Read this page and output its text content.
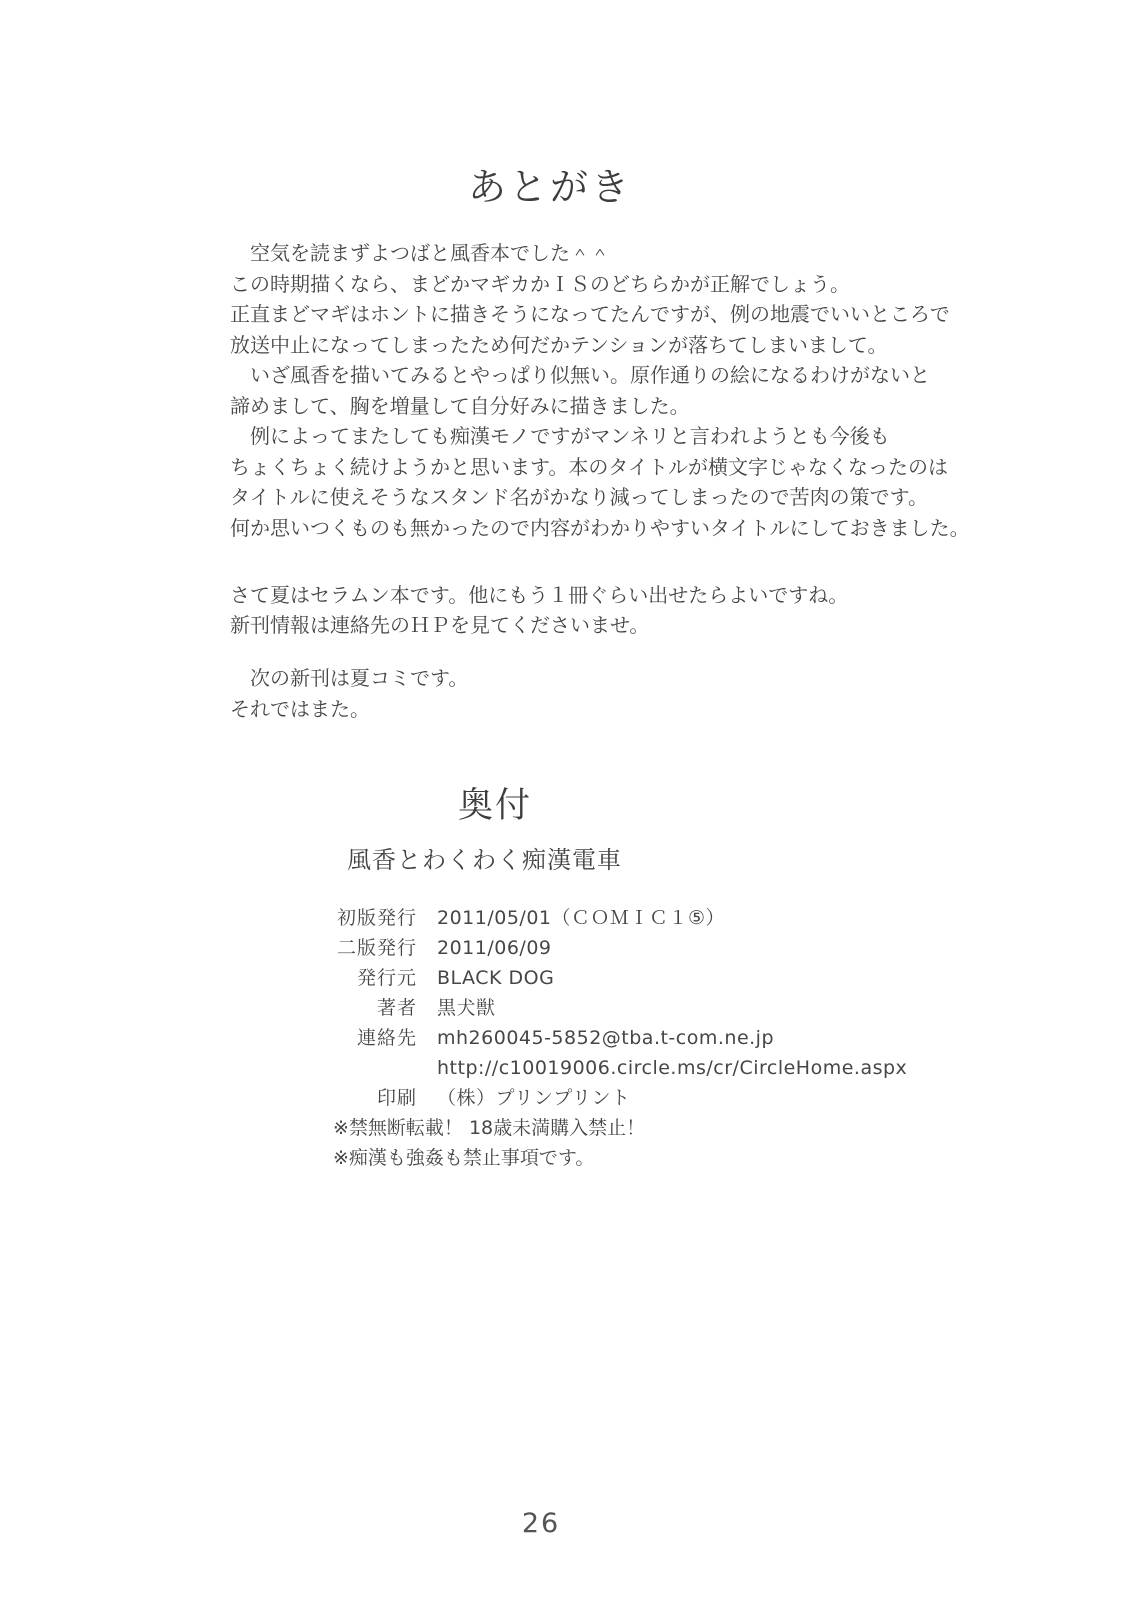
あとがき
　空気を読まずよつばと風香本でした＾＾
この時期描くなら、まどかマギカかＩＳのどちらかが正解でしょう。
正直まどマギはホントに描きそうになってたんですが、例の地震でいいところで
放送中止になってしまったため何だかテンションが落ちてしまいまして。
　いざ風香を描いてみるとやっぱり似無い。原作通りの絵になるわけがないと
諦めまして、胸を増量して自分好みに描きました。
　例によってまたしても痴漢モノですがマンネリと言われようとも今後も
ちょくちょく続けようかと思います。本のタイトルが横文字じゃなくなったのは
タイトルに使えそうなスタンド名がかなり減ってしまったので苦肉の策です。
何か思いつくものも無かったので内容がわかりやすいタイトルにしておきました。
さて夏はセラムン本です。他にもう１冊ぐらい出せたらよいですね。
新刊情報は連絡先のＨＰを見てくださいませ。
　次の新刊は夏コミです。
それではまた。
奥付
風香とわくわく痴漢電車
初版発行	2011/05/01（ＣＯＭＩＣ１⑤）
二版発行	2011/06/09
発行元	BLACK DOG
著者	黒犬獣
連絡先	mh260045-5852@tba.t-com.ne.jp
http://c10019006.circle.ms/cr/CircleHome.aspx
印刷	（株）プリンプリント
※禁無断転載！ 18歳未満購入禁止！
※痴漢も強姦も禁止事項です。
26
